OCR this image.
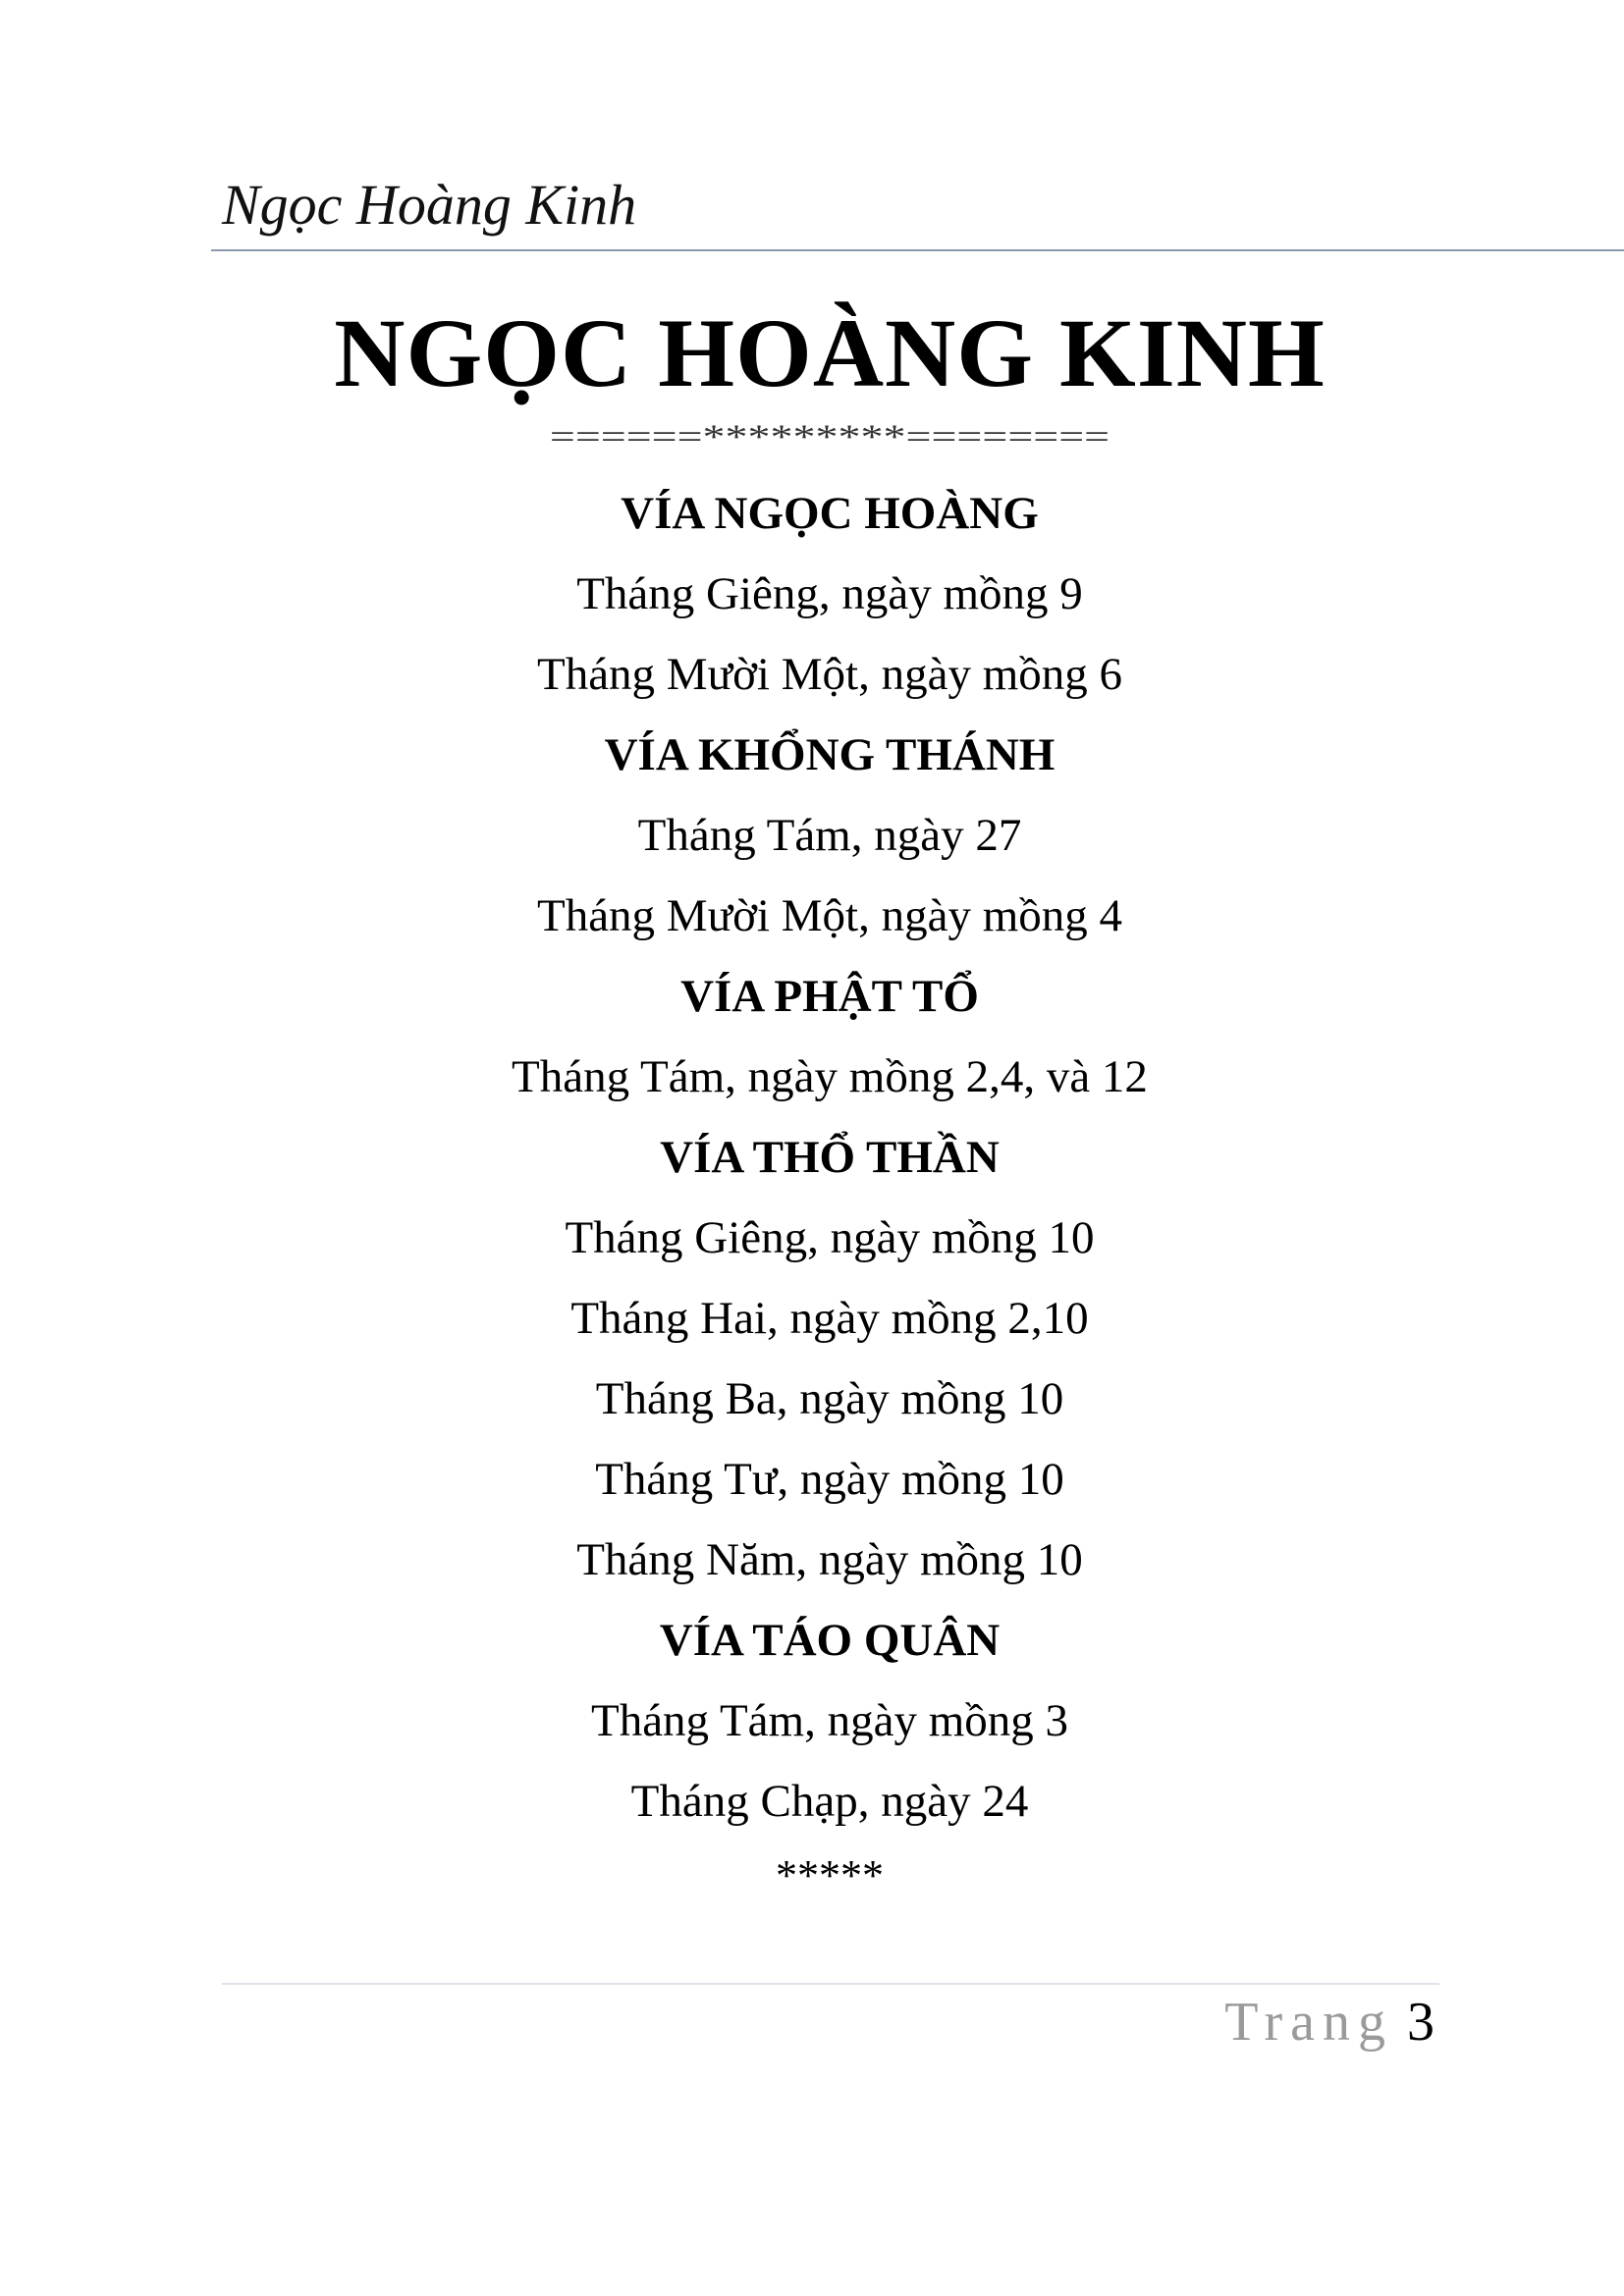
Ngọc Hoàng Kinh
NGỌC HOÀNG KINH
======*********========

VÍA NGỌC HOÀNG

Tháng Giêng, ngày mồng 9

Tháng Mười Một, ngày mồng 6

VÍA KHỔNG THÁNH

Tháng Tám, ngày 27

Tháng Mười Một, ngày mồng 4

VÍA PHẬT TỔ

Tháng Tám, ngày mồng 2,4, và 12

VÍA THỔ THẦN

Tháng Giêng, ngày mồng 10

Tháng Hai, ngày mồng 2,10

Tháng Ba, ngày mồng 10

Tháng Tư, ngày mồng 10

Tháng Năm, ngày mồng 10

VÍA TÁO QUÂN

Tháng Tám, ngày mồng 3

Tháng Chạp, ngày 24

*****

Trang 3
